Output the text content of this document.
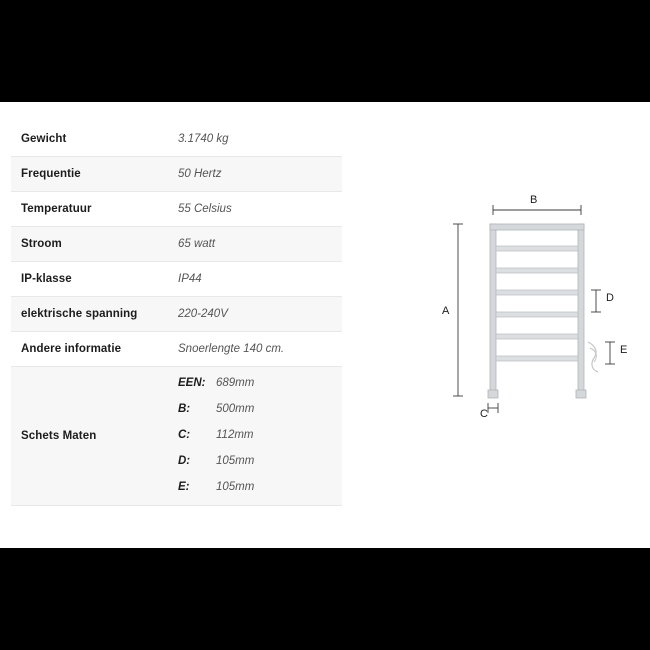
Gewicht	3.1740 kg
Frequentie	50 Hertz
Temperatuur	55 Celsius
Stroom	65 watt
IP-klasse	IP44
elektrische spanning	220-240V
Andere informatie	Snoerlengte 140 cm.
Schets Maten	
EEN: 689mm
B:	500mm
C:	112mm
D:	105mm
E:	105mm
A
B
C
D
E
